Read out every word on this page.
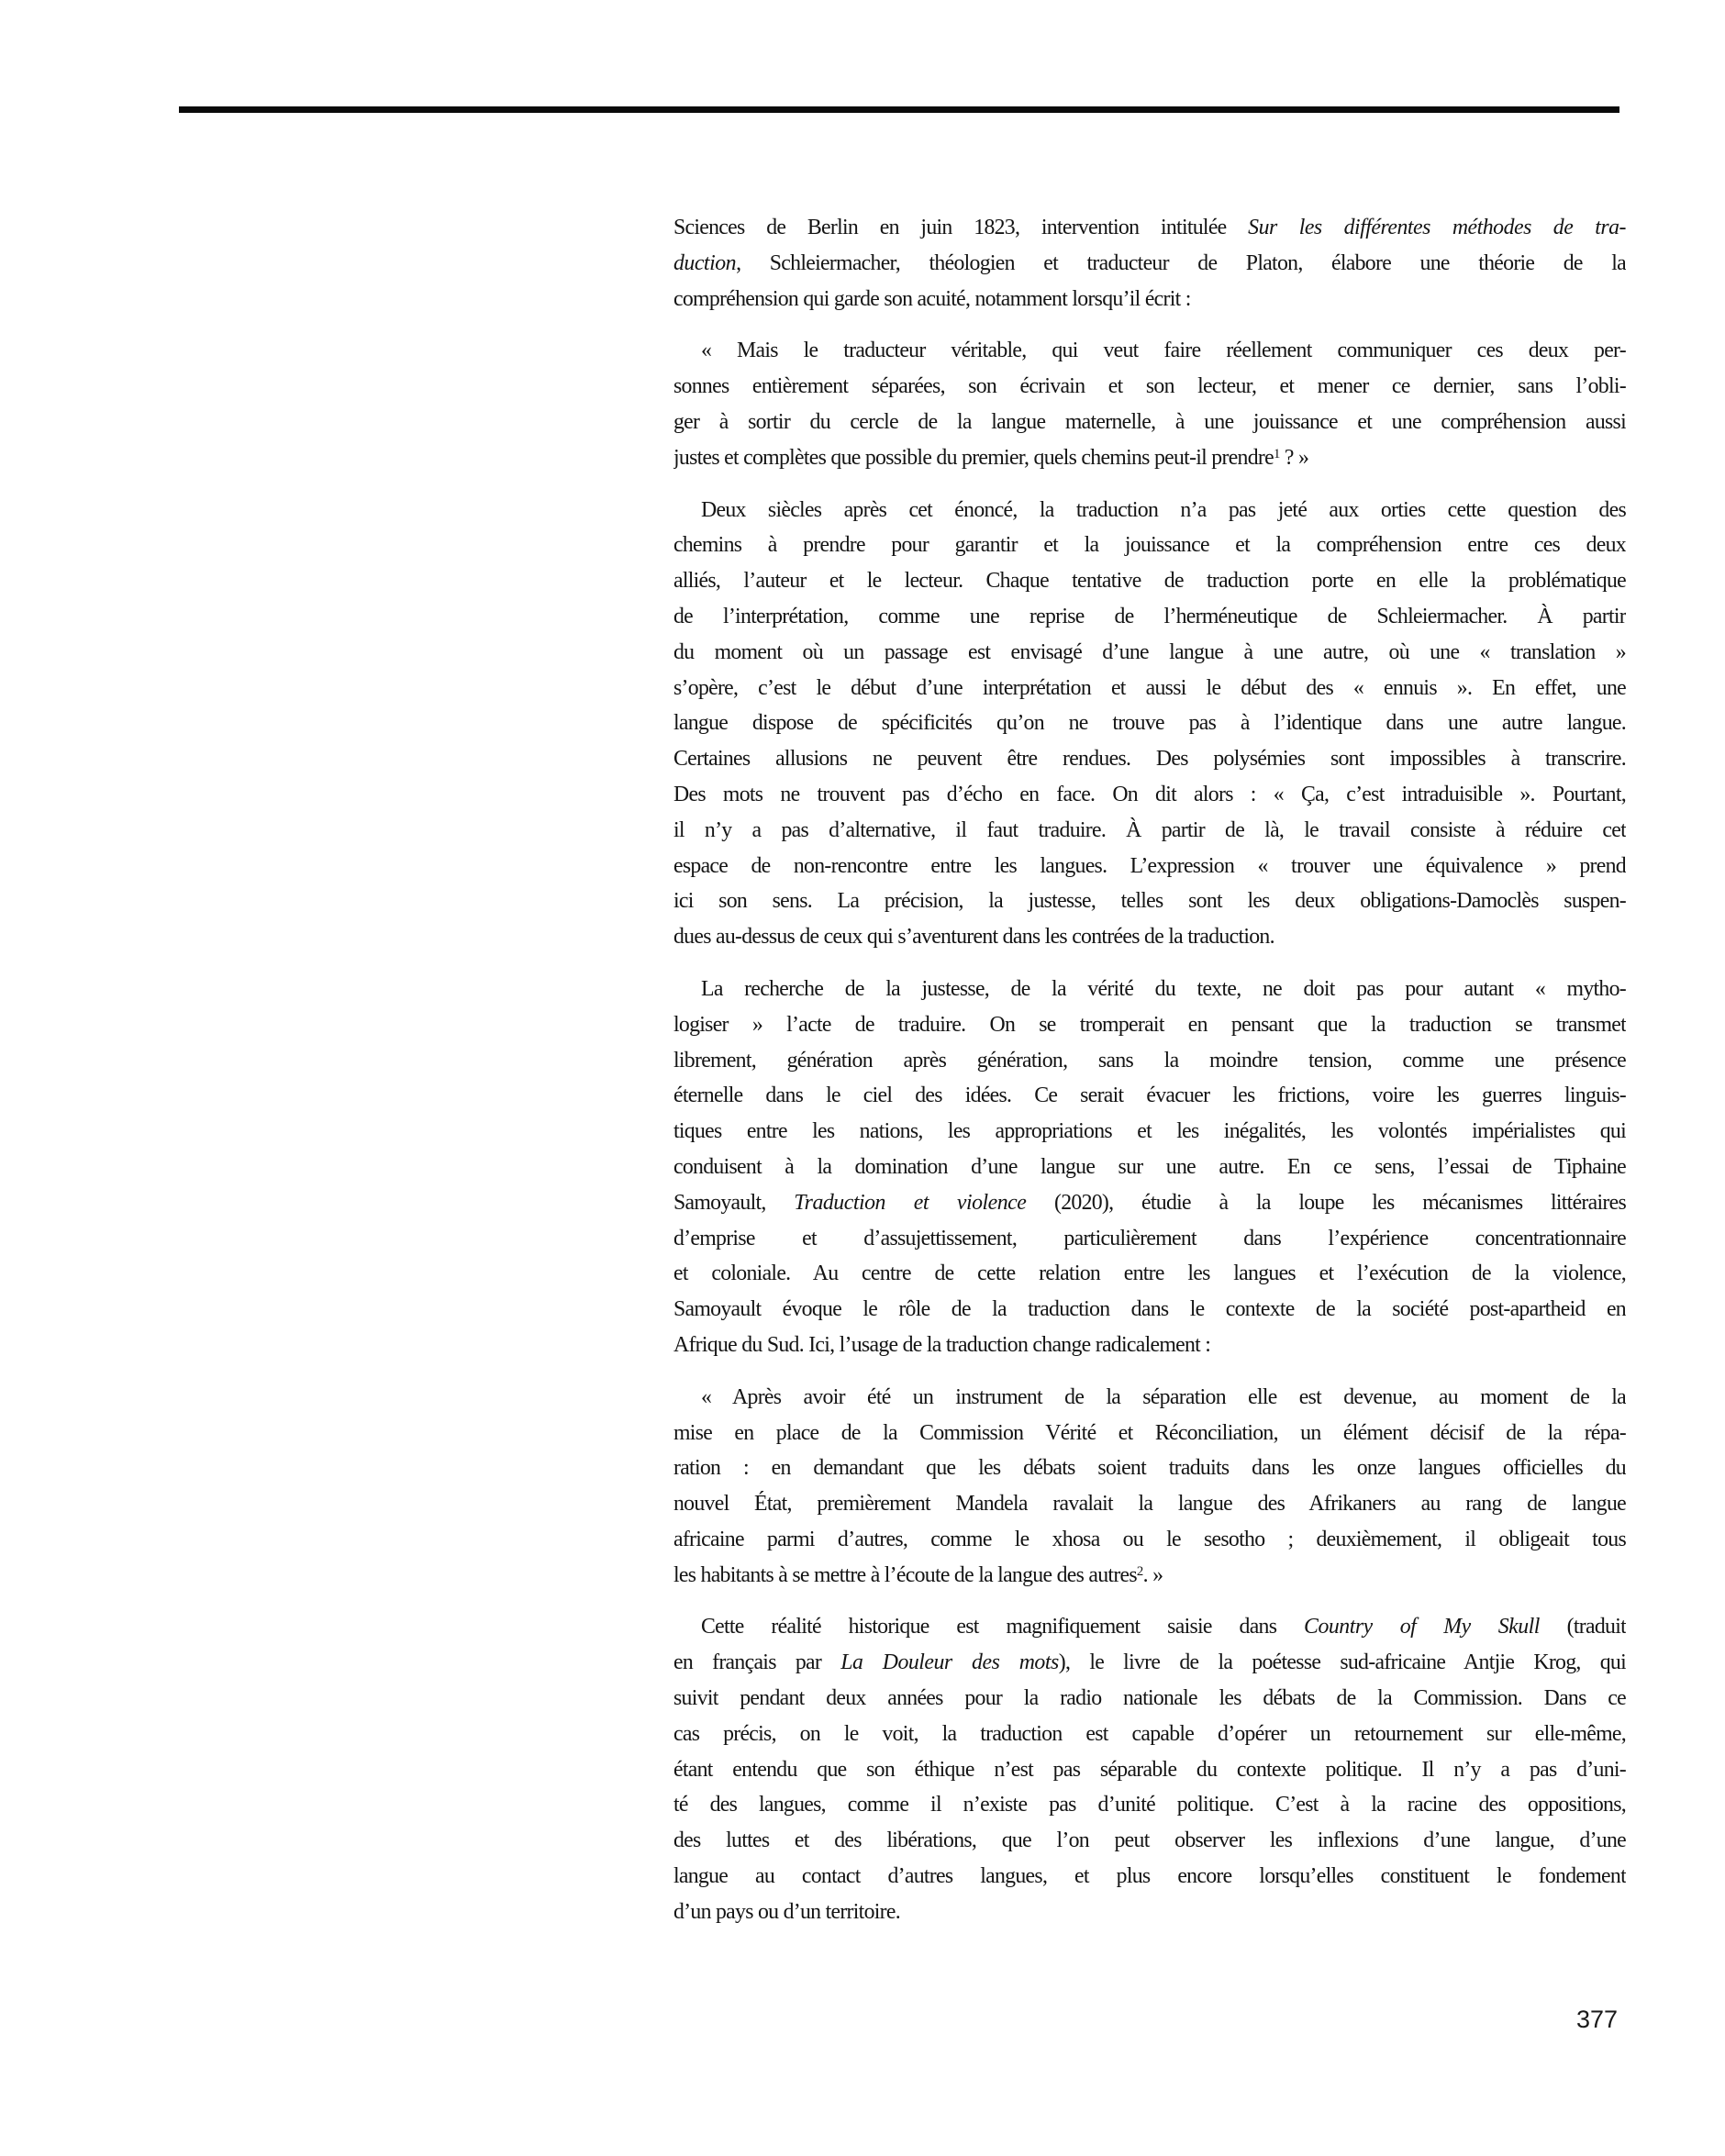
Sciences de Berlin en juin 1823, intervention intitulée Sur les différentes méthodes de tra-
duction, Schleiermacher, théologien et traducteur de Platon, élabore une théorie de la
compréhension qui garde son acuité, notamment lorsqu’il écrit :
« Mais le traducteur véritable, qui veut faire réellement communiquer ces deux per-
sonnes entièrement séparées, son écrivain et son lecteur, et mener ce dernier, sans l’obli-
ger à sortir du cercle de la langue maternelle, à une jouissance et une compréhension aussi
justes et complètes que possible du premier, quels chemins peut-il prendre$^1$ ? »
Deux siècles après cet énoncé, la traduction n’a pas jeté aux orties cette question des
chemins à prendre pour garantir et la jouissance et la compréhension entre ces deux
alliés, l’auteur et le lecteur. Chaque tentative de traduction porte en elle la problématique
de l’interprétation, comme une reprise de l’herméneutique de Schleiermacher. À partir
du moment où un passage est envisagé d’une langue à une autre, où une « translation »
s’opère, c’est le début d’une interprétation et aussi le début des « ennuis ». En effet, une
langue dispose de spécificités qu’on ne trouve pas à l’identique dans une autre langue.
Certaines allusions ne peuvent être rendues. Des polysémies sont impossibles à transcrire.
Des mots ne trouvent pas d’écho en face. On dit alors : « Ça, c’est intraduisible ». Pourtant,
il n’y a pas d’alternative, il faut traduire. À partir de là, le travail consiste à réduire cet
espace de non-rencontre entre les langues. L’expression « trouver une équivalence » prend
ici son sens. La précision, la justesse, telles sont les deux obligations-Damoclès suspen-
dues au-dessus de ceux qui s’aventurent dans les contrées de la traduction.
La recherche de la justesse, de la vérité du texte, ne doit pas pour autant « mytho-
logiser » l’acte de traduire. On se tromperait en pensant que la traduction se transmet
librement, génération après génération, sans la moindre tension, comme une présence
éternelle dans le ciel des idées. Ce serait évacuer les frictions, voire les guerres linguis-
tiques entre les nations, les appropriations et les inégalités, les volontés impérialistes qui
conduisent à la domination d’une langue sur une autre. En ce sens, l’essai de Tiphaine
Samoyault, Traduction et violence (2020), étudie à la loupe les mécanismes littéraires
d’emprise et d’assujettissement, particulièrement dans l’expérience concentrationnaire
et coloniale. Au centre de cette relation entre les langues et l’exécution de la violence,
Samoyault évoque le rôle de la traduction dans le contexte de la société post-apartheid en
Afrique du Sud. Ici, l’usage de la traduction change radicalement :
« Après avoir été un instrument de la séparation elle est devenue, au moment de la
mise en place de la Commission Vérité et Réconciliation, un élément décisif de la répa-
ration : en demandant que les débats soient traduits dans les onze langues officielles du
nouvel État, premièrement Mandela ravalait la langue des Afrikaners au rang de langue
africaine parmi d’autres, comme le xhosa ou le sesotho ; deuxièmement, il obligeait tous
les habitants à se mettre à l’écoute de la langue des autres$^2$. »
Cette réalité historique est magnifiquement saisie dans Country of My Skull (traduit
en français par La Douleur des mots), le livre de la poétesse sud-africaine Antjie Krog, qui
suivit pendant deux années pour la radio nationale les débats de la Commission. Dans ce
cas précis, on le voit, la traduction est capable d’opérer un retournement sur elle-même,
étant entendu que son éthique n’est pas séparable du contexte politique. Il n’y a pas d’uni-
té des langues, comme il n’existe pas d’unité politique. C’est à la racine des oppositions,
des luttes et des libérations, que l’on peut observer les inflexions d’une langue, d’une
langue au contact d’autres langues, et plus encore lorsqu’elles constituent le fondement
d’un pays ou d’un territoire.
377
